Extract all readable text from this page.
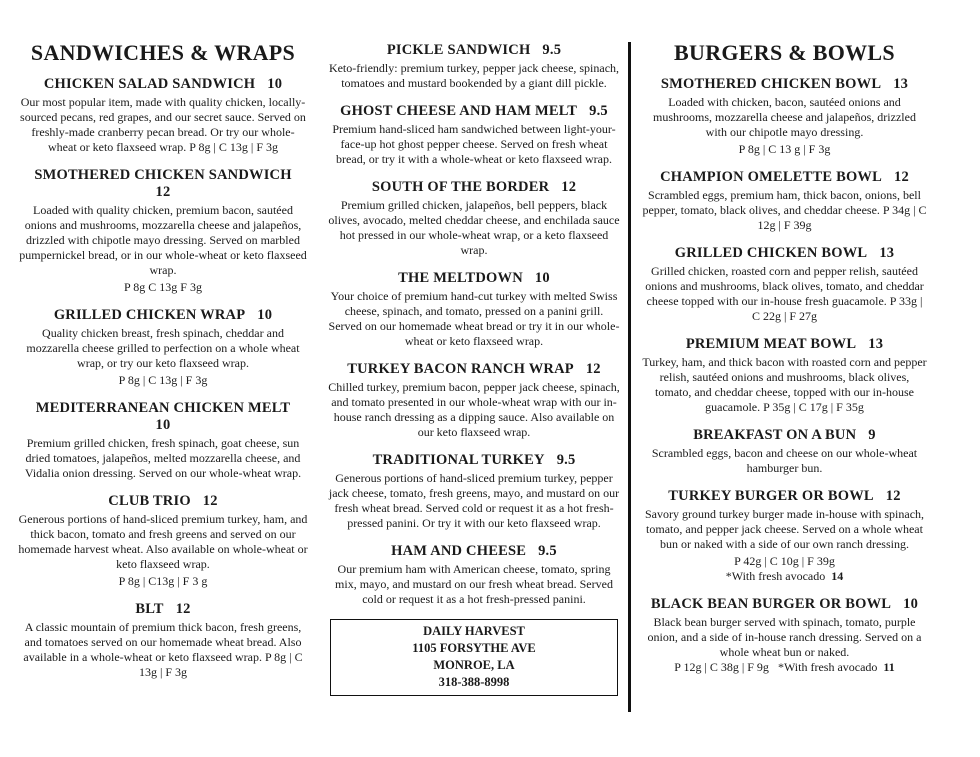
SANDWICHES & WRAPS
CHICKEN SALAD SANDWICH 10
Our most popular item, made with quality chicken, locally-sourced pecans, red grapes, and our secret sauce. Served on freshly-made cranberry pecan bread. Or try our whole-wheat or keto flaxseed wrap. P 8g | C 13g | F 3g
SMOTHERED CHICKEN SANDWICH
12
Loaded with quality chicken, premium bacon, sautéed onions and mushrooms, mozzarella cheese and jalapeños, drizzled with chipotle mayo dressing. Served on marbled pumpernickel bread, or in our whole-wheat or keto flaxseed wrap.
P 8g C 13g F 3g
GRILLED CHICKEN WRAP 10
Quality chicken breast, fresh spinach, cheddar and mozzarella cheese grilled to perfection on a whole wheat wrap, or try our keto flaxseed wrap.
P 8g | C 13g | F 3g
MEDITERRANEAN CHICKEN MELT
10
Premium grilled chicken, fresh spinach, goat cheese, sun dried tomatoes, jalapeños, melted mozzarella cheese, and Vidalia onion dressing. Served on our whole-wheat wrap.
CLUB TRIO 12
Generous portions of hand-sliced premium turkey, ham, and thick bacon, tomato and fresh greens and served on our homemade harvest wheat. Also available on whole-wheat or keto flaxseed wrap.
P 8g | C13g | F 3 g
BLT 12
A classic mountain of premium thick bacon, fresh greens, and tomatoes served on our homemade wheat bread. Also available in a whole-wheat or keto flaxseed wrap. P 8g | C 13g | F 3g
PICKLE SANDWICH 9.5
Keto-friendly: premium turkey, pepper jack cheese, spinach, tomatoes and mustard bookended by a giant dill pickle.
GHOST CHEESE AND HAM MELT 9.5
Premium hand-sliced ham sandwiched between light-your-face-up hot ghost pepper cheese. Served on fresh wheat bread, or try it with a whole-wheat or keto flaxseed wrap.
SOUTH OF THE BORDER 12
Premium grilled chicken, jalapeños, bell peppers, black olives, avocado, melted cheddar cheese, and enchilada sauce hot pressed in our whole-wheat wrap, or a keto flaxseed wrap.
THE MELTDOWN 10
Your choice of premium hand-cut turkey with melted Swiss cheese, spinach, and tomato, pressed on a panini grill. Served on our homemade wheat bread or try it in our whole-wheat or keto flaxseed wrap.
TURKEY BACON RANCH WRAP 12
Chilled turkey, premium bacon, pepper jack cheese, spinach, and tomato presented in our whole-wheat wrap with our in-house ranch dressing as a dipping sauce. Also available on our keto flaxseed wrap.
TRADITIONAL TURKEY 9.5
Generous portions of hand-sliced premium turkey, pepper jack cheese, tomato, fresh greens, mayo, and mustard on our fresh wheat bread. Served cold or request it as a hot fresh-pressed panini. Or try it with our keto flaxseed wrap.
HAM AND CHEESE 9.5
Our premium ham with American cheese, tomato, spring mix, mayo, and mustard on our fresh wheat bread. Served cold or request it as a hot fresh-pressed panini.
DAILY HARVEST
1105 FORSYTHE AVE
MONROE, LA
318-388-8998
BURGERS & BOWLS
SMOTHERED CHICKEN BOWL 13
Loaded with chicken, bacon, sautéed onions and mushrooms, mozzarella cheese and jalapeños, drizzled with our chipotle mayo dressing.
P 8g | C 13 g | F 3g
CHAMPION OMELETTE BOWL 12
Scrambled eggs, premium ham, thick bacon, onions, bell pepper, tomato, black olives, and cheddar cheese. P 34g | C 12g | F 39g
GRILLED CHICKEN BOWL 13
Grilled chicken, roasted corn and pepper relish, sautéed onions and mushrooms, black olives, tomato, and cheddar cheese topped with our in-house fresh guacamole. P 33g | C 22g | F 27g
PREMIUM MEAT BOWL 13
Turkey, ham, and thick bacon with roasted corn and pepper relish, sautéed onions and mushrooms, black olives, tomato, and cheddar cheese, topped with our in-house guacamole. P 35g | C 17g | F 35g
BREAKFAST ON A BUN 9
Scrambled eggs, bacon and cheese on our whole-wheat hamburger bun.
TURKEY BURGER OR BOWL 12
Savory ground turkey burger made in-house with spinach, tomato, and pepper jack cheese. Served on a whole wheat bun or naked with a side of our own ranch dressing.
P 42g | C 10g | F 39g
*With fresh avocado 14
BLACK BEAN BURGER OR BOWL 10
Black bean burger served with spinach, tomato, purple onion, and a side of in-house ranch dressing. Served on a whole wheat bun or naked.
P 12g | C 38g | F 9g *With fresh avocado 11
